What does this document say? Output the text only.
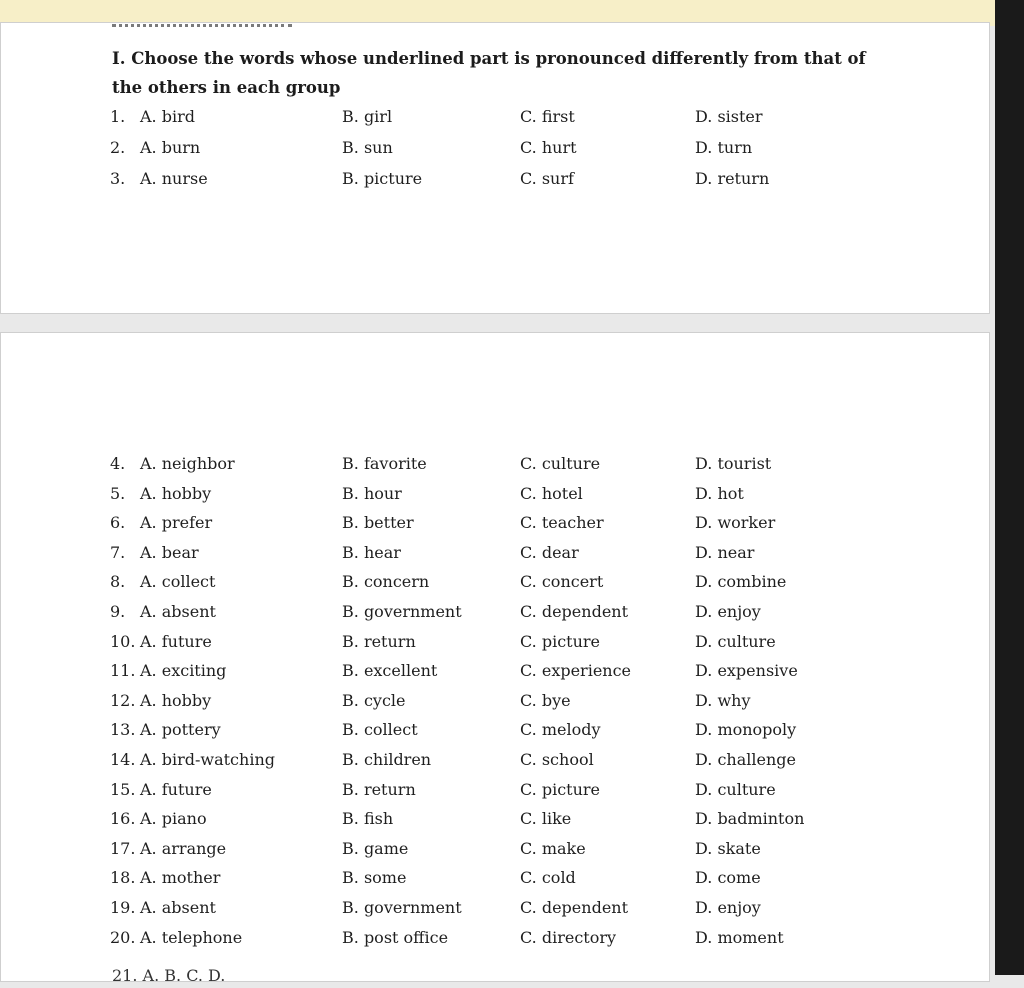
I. Choose the words whose underlined part is pronounced differently from that of the others in each group
1. A. bird	B. girl	C. first	D. sister
2. A. burn	B. sun	C. hurt	D. turn
3. A. nurse	B. picture	C. surf	D. return
4. A. neighbor	B. favorite	C. culture	D. tourist
5. A. hobby	B. hour	C. hotel	D. hot
6. A. prefer	B. better	C. teacher	D. worker
7. A. bear	B. hear	C. dear	D. near
8. A. collect	B. concern	C. concert	D. combine
9. A. absent	B. government	C. dependent	D. enjoy
10. A. future	B. return	C. picture	D. culture
11. A. exciting	B. excellent	C. experience	D. expensive
12. A. hobby	B. cycle	C. bye	D. why
13. A. pottery	B. collect	C. melody	D. monopoly
14. A. bird-watching	B. children	C. school	D. challenge
15. A. future	B. return	C. picture	D. culture
16. A. piano	B. fish	C. like	D. badminton
17. A. arrange	B. game	C. make	D. skate
18. A. mother	B. some	C. cold	D. come
19. A. absent	B. government	C. dependent	D. enjoy
20. A. telephone	B. post office	C. directory	D. moment
